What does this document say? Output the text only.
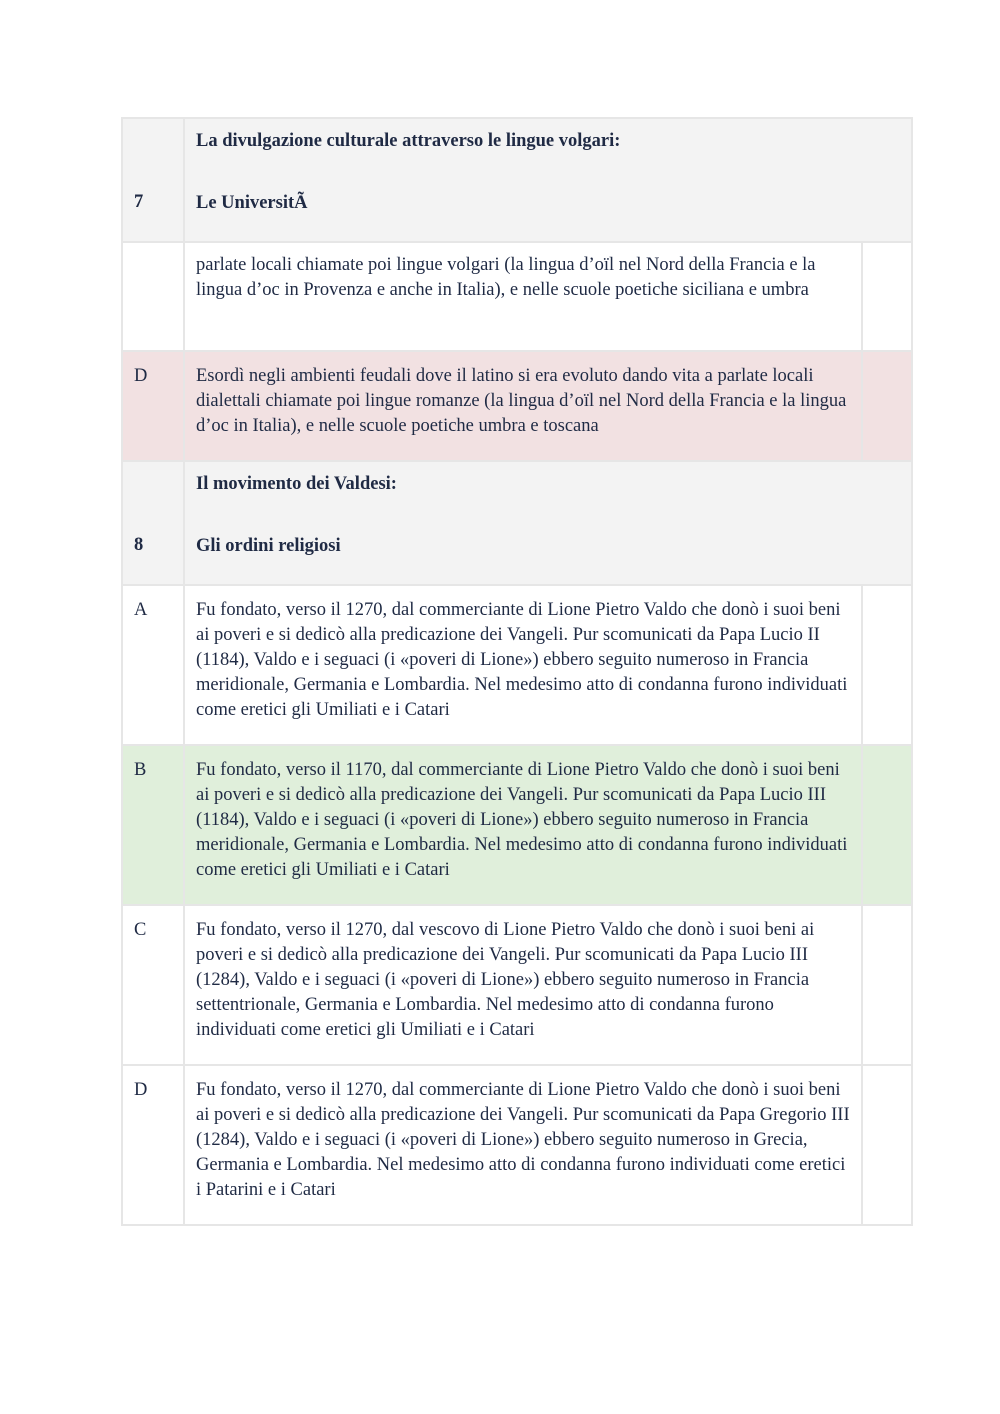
7	La divulgazione culturale attraverso le lingue volgari:
Le UniversitÃ	

	parlate locali chiamate poi lingue volgari (la lingua d’oïl nel Nord della Francia e la lingua d’oc in Provenza e anche in Italia), e nelle scuole poetiche siciliana e umbra	
D	Esordì negli ambienti feudali dove il latino si era evoluto dando vita a parlate locali dialettali chiamate poi lingue romanze (la lingua d’oïl nel Nord della Francia e la lingua d’oc in Italia), e nelle scuole poetiche umbra e toscana	
8	Il movimento dei Valdesi:
Gli ordini religiosi	

A	Fu fondato, verso il 1270, dal commerciante di Lione Pietro Valdo che donò i suoi beni ai poveri e si dedicò alla predicazione dei Vangeli. Pur scomunicati da Papa Lucio II (1184), Valdo e i seguaci (i «poveri di Lione») ebbero seguito numeroso in Francia meridionale, Germania e Lombardia. Nel medesimo atto di condanna furono individuati come eretici gli Umiliati e i Catari	
B	Fu fondato, verso il 1170, dal commerciante di Lione Pietro Valdo che donò i suoi beni ai poveri e si dedicò alla predicazione dei Vangeli. Pur scomunicati da Papa Lucio III (1184), Valdo e i seguaci (i «poveri di Lione») ebbero seguito numeroso in Francia meridionale, Germania e Lombardia. Nel medesimo atto di condanna furono individuati come eretici gli Umiliati e i Catari	
C	Fu fondato, verso il 1270, dal vescovo di Lione Pietro Valdo che donò i suoi beni ai poveri e si dedicò alla predicazione dei Vangeli. Pur scomunicati da Papa Lucio III (1284), Valdo e i seguaci (i «poveri di Lione») ebbero seguito numeroso in Francia settentrionale, Germania e Lombardia. Nel medesimo atto di condanna furono individuati come eretici gli Umiliati e i Catari	
D	Fu fondato, verso il 1270, dal commerciante di Lione Pietro Valdo che donò i suoi beni ai poveri e si dedicò alla predicazione dei Vangeli. Pur scomunicati da Papa Gregorio III (1284), Valdo e i seguaci (i «poveri di Lione») ebbero seguito numeroso in Grecia, Germania e Lombardia. Nel medesimo atto di condanna furono individuati come eretici i Patarini e i Catari	
